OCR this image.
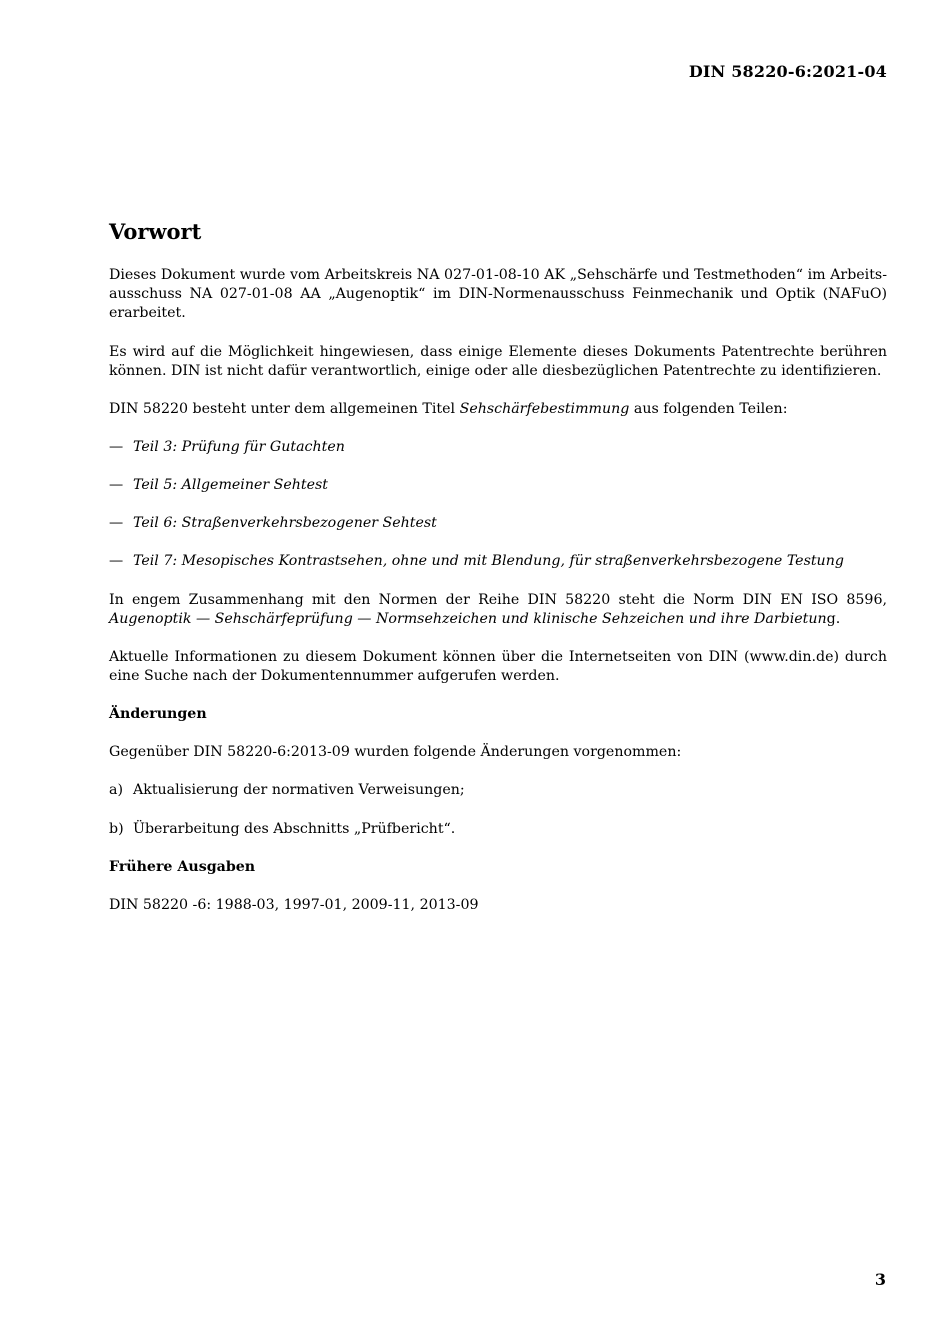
DIN 58220-6:2021-04
Vorwort

Dieses Dokument wurde vom Arbeitskreis NA 027-01-08-10 AK „Sehschärfe und Testmethoden“ im Arbeitsausschuss NA 027-01-08 AA „Augenoptik“ im DIN-Normenausschuss Feinmechanik und Optik (NAFuO) erarbeitet.

Es wird auf die Möglichkeit hingewiesen, dass einige Elemente dieses Dokuments Patentrechte berühren können. DIN ist nicht dafür verantwortlich, einige oder alle diesbezüglichen Patentrechte zu identifizieren.

DIN 58220 besteht unter dem allgemeinen Titel Sehschärfebestimmung aus folgenden Teilen:

— Teil 3: Prüfung für Gutachten
— Teil 5: Allgemeiner Sehtest
— Teil 6: Straßenverkehrsbezogener Sehtest
— Teil 7: Mesopisches Kontrastsehen, ohne und mit Blendung, für straßenverkehrsbezogene Testung

In engem Zusammenhang mit den Normen der Reihe DIN 58220 steht die Norm DIN EN ISO 8596, Augenoptik — Sehschärfeprüfung — Normsehzeichen und klinische Sehzeichen und ihre Darbietung.

Aktuelle Informationen zu diesem Dokument können über die Internetseiten von DIN (www.din.de) durch eine Suche nach der Dokumentennummer aufgerufen werden.

Änderungen

Gegenüber DIN 58220-6:2013-09 wurden folgende Änderungen vorgenommen:

a) Aktualisierung der normativen Verweisungen;
b) Überarbeitung des Abschnitts „Prüfbericht“.
Frühere Ausgaben

DIN 58220 -6: 1988-03, 1997-01, 2009-11, 2013-09

3
